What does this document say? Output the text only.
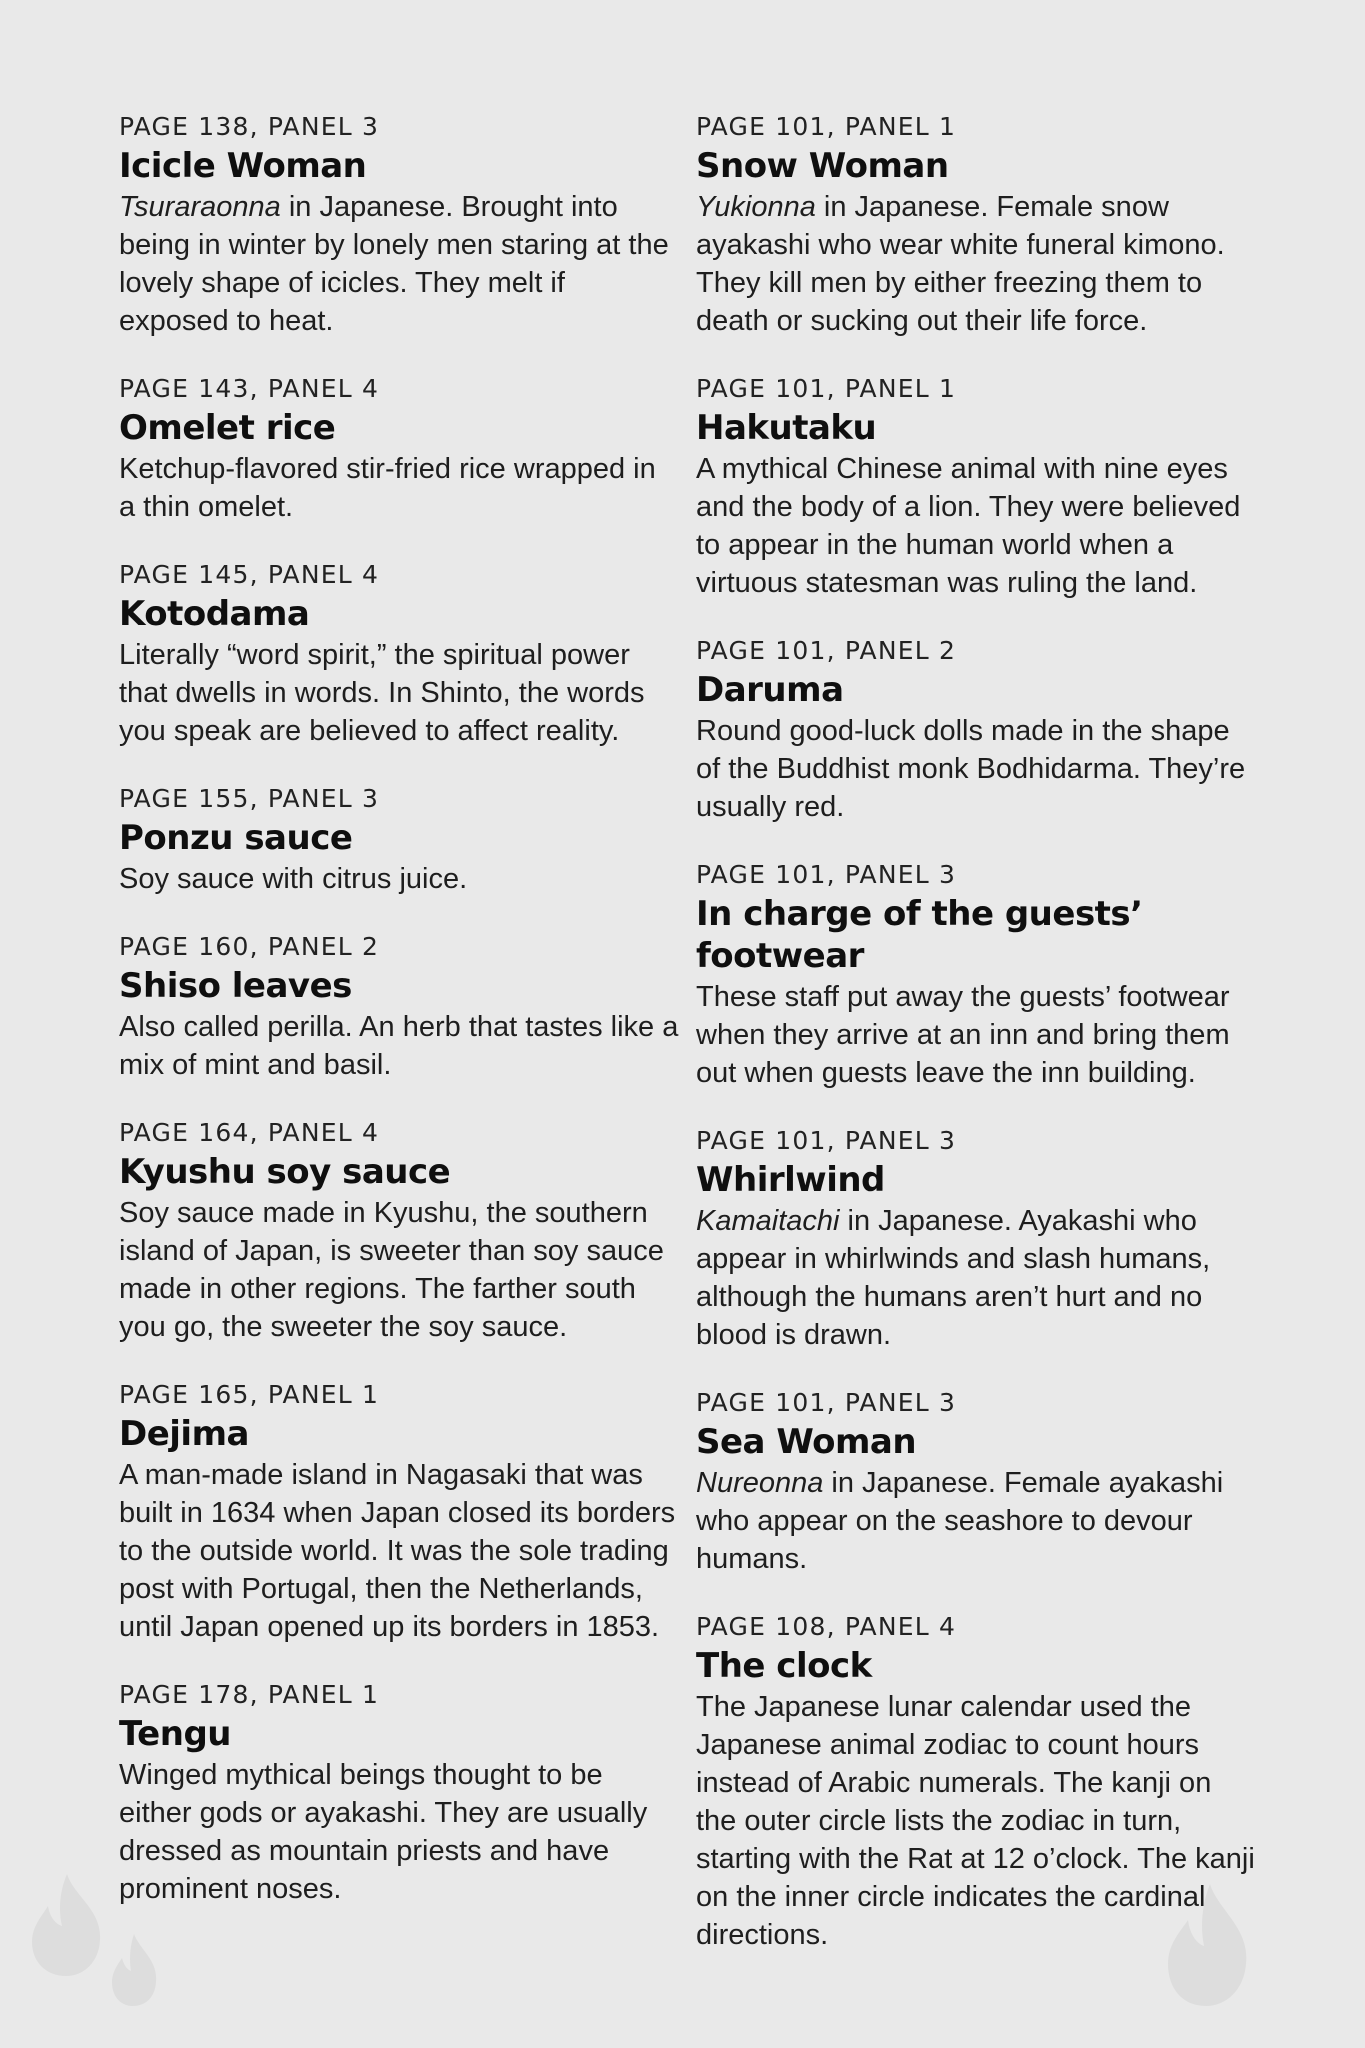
PAGE 138, PANEL 3
Icicle Woman
Tsuraraonna in Japanese. Brought into being in winter by lonely men staring at the lovely shape of icicles. They melt if exposed to heat.
PAGE 143, PANEL 4
Omelet rice
Ketchup-flavored stir-fried rice wrapped in a thin omelet.
PAGE 145, PANEL 4
Kotodama
Literally “word spirit,” the spiritual power that dwells in words. In Shinto, the words you speak are believed to affect reality.
PAGE 155, PANEL 3
Ponzu sauce
Soy sauce with citrus juice.
PAGE 160, PANEL 2
Shiso leaves
Also called perilla. An herb that tastes like a mix of mint and basil.
PAGE 164, PANEL 4
Kyushu soy sauce
Soy sauce made in Kyushu, the southern island of Japan, is sweeter than soy sauce made in other regions. The farther south you go, the sweeter the soy sauce.
PAGE 165, PANEL 1
Dejima
A man-made island in Nagasaki that was built in 1634 when Japan closed its borders to the outside world. It was the sole trading post with Portugal, then the Netherlands, until Japan opened up its borders in 1853.
PAGE 178, PANEL 1
Tengu
Winged mythical beings thought to be either gods or ayakashi. They are usually dressed as mountain priests and have prominent noses.
PAGE 101, PANEL 1
Snow Woman
Yukionna in Japanese. Female snow ayakashi who wear white funeral kimono. They kill men by either freezing them to death or sucking out their life force.
PAGE 101, PANEL 1
Hakutaku
A mythical Chinese animal with nine eyes and the body of a lion. They were believed to appear in the human world when a virtuous statesman was ruling the land.
PAGE 101, PANEL 2
Daruma
Round good-luck dolls made in the shape of the Buddhist monk Bodhidarma. They’re usually red.
PAGE 101, PANEL 3
In charge of the guests’ footwear
These staff put away the guests’ footwear when they arrive at an inn and bring them out when guests leave the inn building.
PAGE 101, PANEL 3
Whirlwind
Kamaitachi in Japanese. Ayakashi who appear in whirlwinds and slash humans, although the humans aren’t hurt and no blood is drawn.
PAGE 101, PANEL 3
Sea Woman
Nureonna in Japanese. Female ayakashi who appear on the seashore to devour humans.
PAGE 108, PANEL 4
The clock
The Japanese lunar calendar used the Japanese animal zodiac to count hours instead of Arabic numerals. The kanji on the outer circle lists the zodiac in turn, starting with the Rat at 12 o’clock. The kanji on the inner circle indicates the cardinal directions.
